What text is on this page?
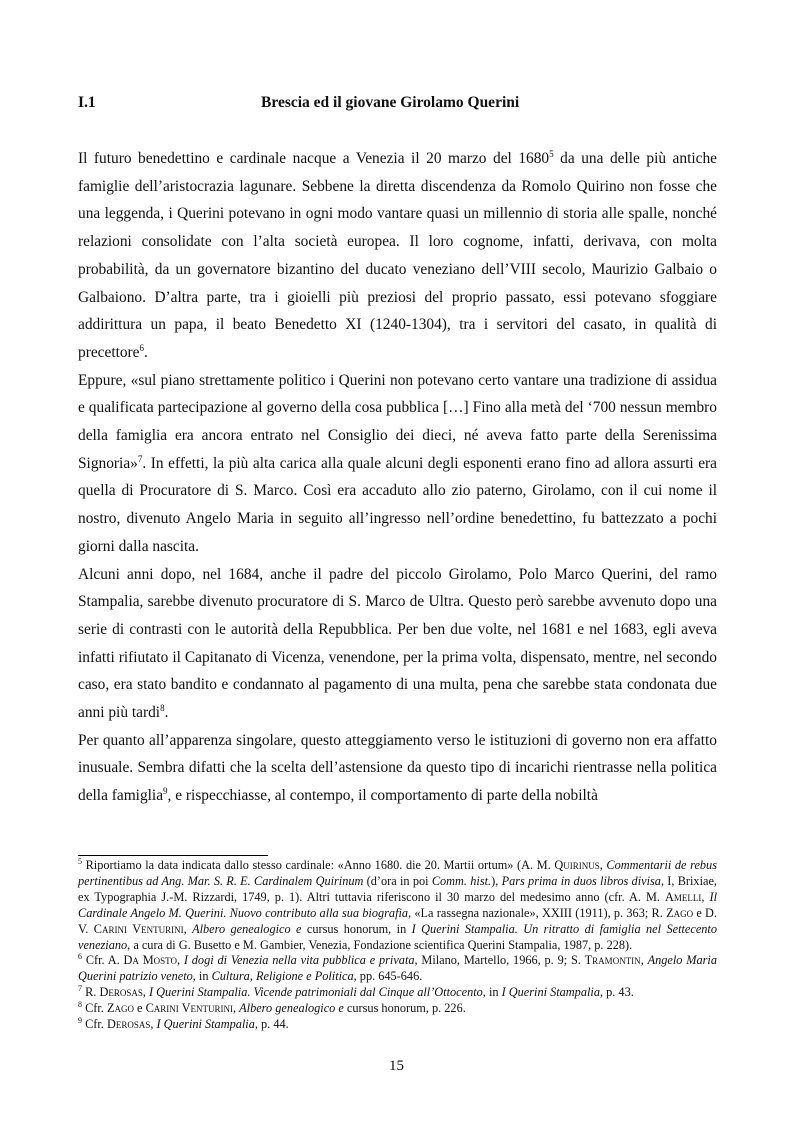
I.1	Brescia ed il giovane Girolamo Querini

Il futuro benedettino e cardinale nacque a Venezia il 20 marzo del 1680$^5$ da una delle più antiche famiglie dell’aristocrazia lagunare. Sebbene la diretta discendenza da Romolo Quirino non fosse che una leggenda, i Querini potevano in ogni modo vantare quasi un millennio di storia alle spalle, nonché relazioni consolidate con l’alta società europea. Il loro cognome, infatti, derivava, con molta probabilità, da un governatore bizantino del ducato veneziano dell’VIII secolo, Maurizio Galbaio o Galbaiono. D’altra parte, tra i gioielli più preziosi del proprio passato, essi potevano sfoggiare addirittura un papa, il beato Benedetto XI (1240-1304), tra i servitori del casato, in qualità di precettore$^6$.

Eppure, «sul piano strettamente politico i Querini non potevano certo vantare una tradizione di assidua e qualificata partecipazione al governo della cosa pubblica […] Fino alla metà del ‘700 nessun membro della famiglia era ancora entrato nel Consiglio dei dieci, né aveva fatto parte della Serenissima Signoria»$^7$. In effetti, la più alta carica alla quale alcuni degli esponenti erano fino ad allora assurti era quella di Procuratore di S. Marco. Così era accaduto allo zio paterno, Girolamo, con il cui nome il nostro, divenuto Angelo Maria in seguito all’ingresso nell’ordine benedettino, fu battezzato a pochi giorni dalla nascita.

Alcuni anni dopo, nel 1684, anche il padre del piccolo Girolamo, Polo Marco Querini, del ramo Stampalia, sarebbe divenuto procuratore di S. Marco de Ultra. Questo però sarebbe avvenuto dopo una serie di contrasti con le autorità della Repubblica. Per ben due volte, nel 1681 e nel 1683, egli aveva infatti rifiutato il Capitanato di Vicenza, venendone, per la prima volta, dispensato, mentre, nel secondo caso, era stato bandito e condannato al pagamento di una multa, pena che sarebbe stata condonata due anni più tardi$^8$.

Per quanto all’apparenza singolare, questo atteggiamento verso le istituzioni di governo non era affatto inusuale. Sembra difatti che la scelta dell’astensione da questo tipo di incarichi rientrasse nella politica della famiglia$^9$, e rispecchiasse, al contempo, il comportamento di parte della nobiltà

$^5$ Riportiamo la data indicata dallo stesso cardinale: «Anno 1680. die 20. Martii ortum» (A. M. Quirinus, Commentarii de rebus pertinentibus ad Ang. Mar. S. R. E. Cardinalem Quirinum (d’ora in poi Comm. hist.), Pars prima in duos libros divisa, I, Brixiae, ex Typographia J.-M. Rizzardi, 1749, p. 1). Altri tuttavia riferiscono il 30 marzo del medesimo anno (cfr. A. M. Amelli, Il Cardinale Angelo M. Querini. Nuovo contributo alla sua biografia, «La rassegna nazionale», XXIII (1911), p. 363; R. Zago e D. V. Carini Venturini, Albero genealogico e cursus honorum, in I Querini Stampalia. Un ritratto di famiglia nel Settecento veneziano, a cura di G. Busetto e M. Gambier, Venezia, Fondazione scientifica Querini Stampalia, 1987, p. 228).

$^6$ Cfr. A. Da Mosto, I dogi di Venezia nella vita pubblica e privata, Milano, Martello, 1966, p. 9; S. Tramontin, Angelo Maria Querini patrizio veneto, in Cultura, Religione e Politica, pp. 645-646.

$^7$ R. Derosas, I Querini Stampalia. Vicende patrimoniali dal Cinque all’Ottocento, in I Querini Stampalia, p. 43.

$^8$ Cfr. Zago e Carini Venturini, Albero genealogico e cursus honorum, p. 226.

$^9$ Cfr. Derosas, I Querini Stampalia, p. 44.

15
